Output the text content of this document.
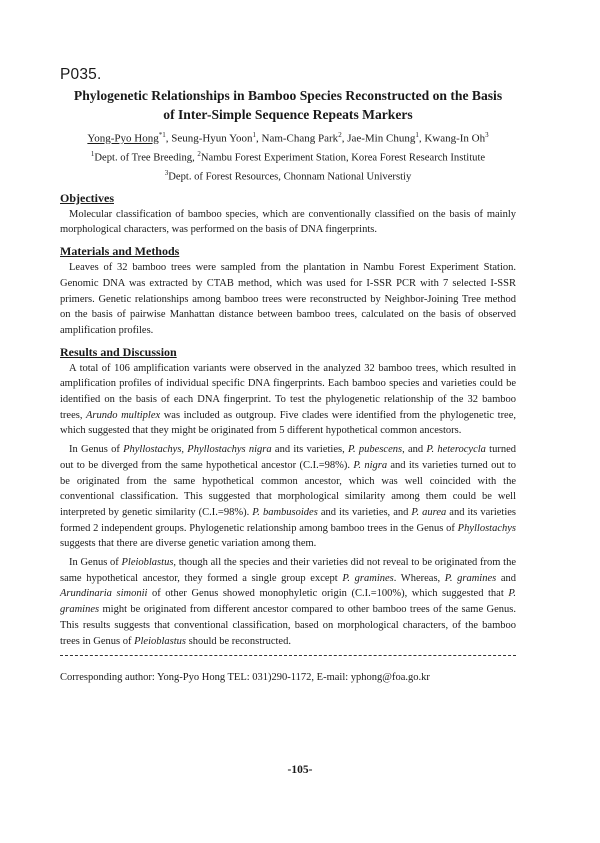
P035.
Phylogenetic Relationships in Bamboo Species Reconstructed on the Basis
of Inter-Simple Sequence Repeats Markers

Yong-Pyo Hong$^{*1}$, Seung-Hyun Yoon$^1$, Nam-Chang Park$^2$, Jae-Min Chung$^1$, Kwang-In Oh$^3$

$^1$Dept. of Tree Breeding, $^2$Nambu Forest Experiment Station, Korea Forest Research Institute

$^3$Dept. of Forest Resources, Chonnam National Universtiy

Objectives

Molecular classification of bamboo species, which are conventionally classified on the basis of mainly morphological characters, was performed on the basis of DNA fingerprints.

Materials and Methods

Leaves of 32 bamboo trees were sampled from the plantation in Nambu Forest Experiment Station. Genomic DNA was extracted by CTAB method, which was used for I-SSR PCR with 7 selected I-SSR primers. Genetic relationships among bamboo trees were reconstructed by Neighbor-Joining Tree method on the basis of pairwise Manhattan distance between bamboo trees, calculated on the basis of observed amplification profiles.

Results and Discussion

A total of 106 amplification variants were observed in the analyzed 32 bamboo trees, which resulted in amplification profiles of individual specific DNA fingerprints. Each bamboo species and varieties could be identified on the basis of each DNA fingerprint. To test the phylogenetic relationship of the 32 bamboo trees, Arundo multiplex was included as outgroup. Five clades were identified from the phylogenetic tree, which suggested that they might be originated from 5 different hypothetical common ancestors.

In Genus of Phyllostachys, Phyllostachys nigra and its varieties, P. pubescens, and P. heterocycla turned out to be diverged from the same hypothetical ancestor (C.I.=98%). P. nigra and its varieties turned out to be originated from the same hypothetical common ancestor, which was well coincided with the conventional classification. This suggested that morphological similarity among them could be well interpreted by genetic similarity (C.I.=98%). P. bambusoides and its varieties, and P. aurea and its varieties formed 2 independent groups. Phylogenetic relationship among bamboo trees in the Genus of Phyllostachys suggests that there are diverse genetic variation among them.

In Genus of Pleioblastus, though all the species and their varieties did not reveal to be originated from the same hypothetical ancestor, they formed a single group except P. gramines. Whereas, P. gramines and Arundinaria simonii of other Genus showed monophyletic origin (C.I.=100%), which suggested that P. gramines might be originated from different ancestor compared to other bamboo trees of the same Genus. This results suggests that conventional classification, based on morphological characters, of the bamboo trees in Genus of Pleioblastus should be reconstructed.

Corresponding author: Yong-Pyo Hong TEL: 031)290-1172, E-mail: yphong@foa.go.kr

-105-
